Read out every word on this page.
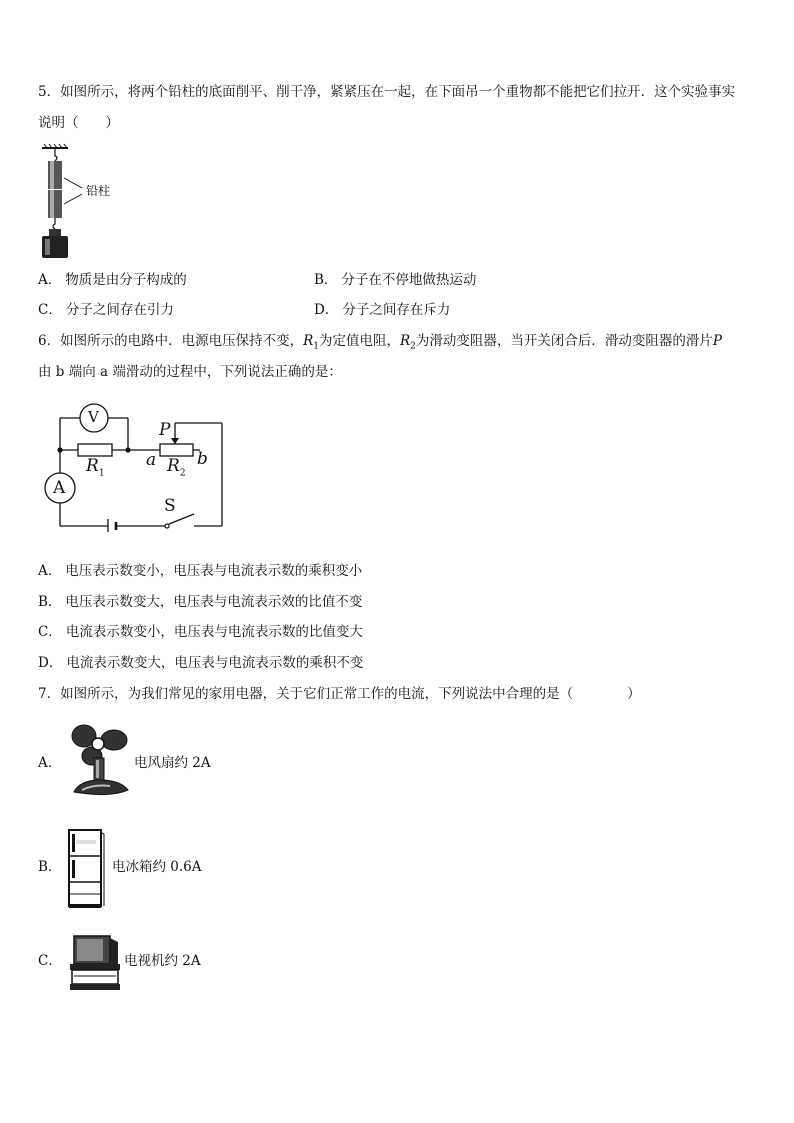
5．如图所示，将两个铅柱的底面削平、削干净，紧紧压在一起，在下面吊一个重物都不能把它们拉开．这个实验事实
说明（　　）
铅柱
A． 物质是由分子构成的	B． 分子在不停地做热运动
C． 分子之间存在引力	D． 分子之间存在斥力
6．如图所示的电路中．电源电压保持不变，$R_1$为定值电阻，$R_2$为滑动变阻器，当开关闭合后．滑动变阻器的滑片P
由 b 端向 a 端滑动的过程中，下列说法正确的是：
V
A
P
$R_1$
a $R_2$
b
S
A． 电压表示数变小，电压表与电流表示数的乘积变小
B． 电压表示数变大，电压表与电流表示效的比值不变
C． 电流表示数变小，电压表与电流表示数的比值变大
D． 电流表示数变大，电压表与电流表示数的乘积不变
7．如图所示，为我们常见的家用电器，关于它们正常工作的电流，下列说法中合理的是（　　　　）
A．	电风扇约 2A
B．	电冰箱约 0.6A
C．	电视机约 2A
